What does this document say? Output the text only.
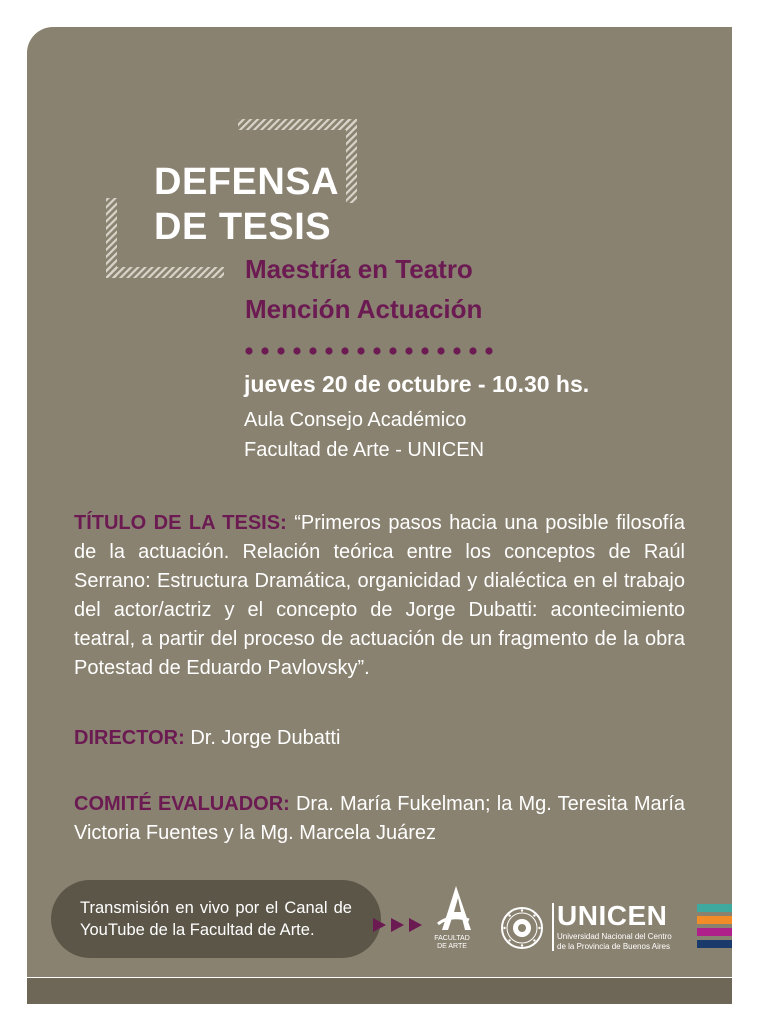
DEFENSA
DE TESIS
Maestría en Teatro
Mención Actuación
jueves 20 de octubre - 10.30 hs.
Aula Consejo Académico
Facultad de Arte - UNICEN

TÍTULO DE LA TESIS: “Primeros pasos hacia una posible filosofía de la actuación. Relación teórica entre los conceptos de Raúl Serrano: Estructura Dramática, organicidad y dialéctica en el trabajo del actor/actriz y el concepto de Jorge Dubatti: acontecimiento teatral, a partir del proceso de actuación de un fragmento de la obra Potestad de Eduardo Pavlovsky”.

DIRECTOR: Dr. Jorge Dubatti

COMITÉ EVALUADOR: Dra. María Fukelman; la Mg. Teresita María Victoria Fuentes y la Mg. Marcela Juárez

Transmisión en vivo por el Canal de YouTube de la Facultad de Arte.	FACULTAD
DE ARTE
UNICEN
Universidad Nacional del Centro
de la Provincia de Buenos Aires
